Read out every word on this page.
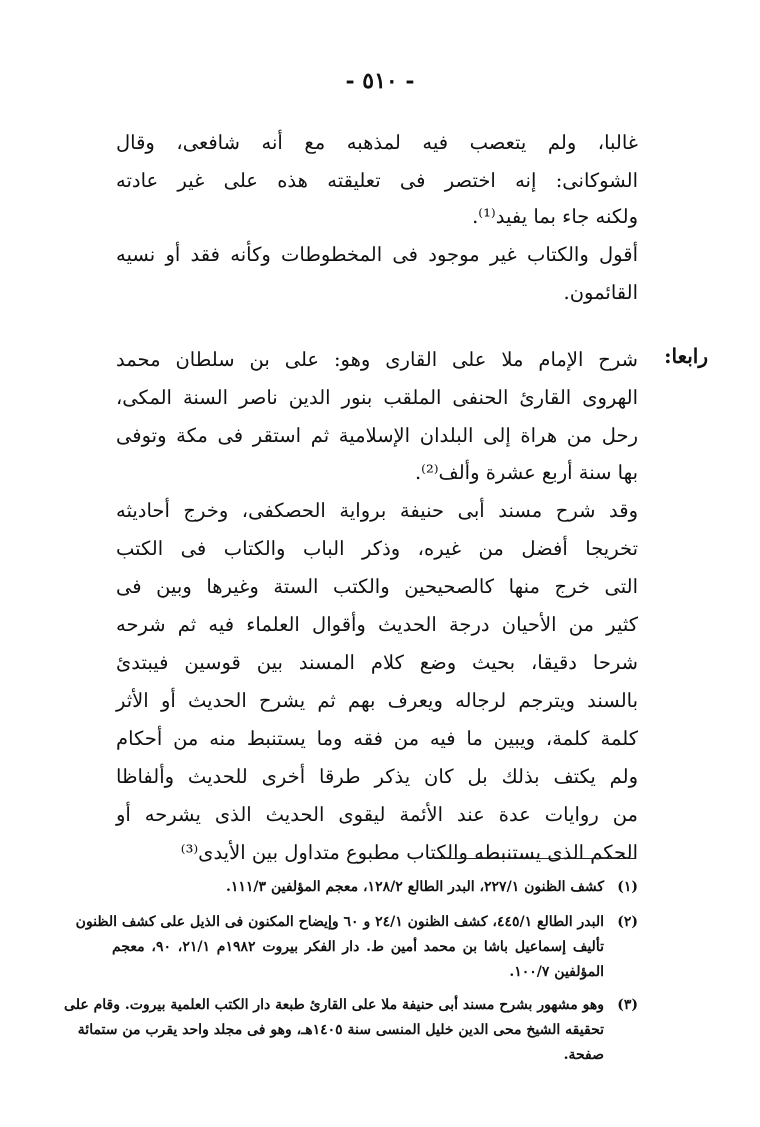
- ٥١٠ -
غالبا، ولم يتعصب فيه لمذهبه مع أنه شافعى، وقال
الشوكانى: إنه اختصر فى تعليقته هذه على غير عادته
ولكنه جاء بما يفيد⁽¹⁾.
أقول والكتاب غير موجود فى المخطوطات وكأنه فقد أو نسيه
القائمون.
رابعا:
شرح الإمام ملا على القارى وهو: على بن سلطان محمد
الهروى القارئ الحنفى الملقب بنور الدين ناصر السنة المكى،
رحل من هراة إلى البلدان الإسلامية ثم استقر فى مكة وتوفى
بها سنة أربع عشرة وألف⁽²⁾.
وقد شرح مسند أبى حنيفة برواية الحصكفى، وخرج أحاديثه
تخريجا أفضل من غيره، وذكر الباب والكتاب فى الكتب
التى خرج منها كالصحيحين والكتب الستة وغيرها وبين فى
كثير من الأحيان درجة الحديث وأقوال العلماء فيه ثم شرحه
شرحا دقيقا، بحيث وضع كلام المسند بين قوسين فيبتدئ
بالسند ويترجم لرجاله ويعرف بهم ثم يشرح الحديث أو الأثر
كلمة كلمة، ويبين ما فيه من فقه وما يستنبط منه من أحكام
ولم يكتف بذلك بل كان يذكر طرقا أخرى للحديث وألفاظا
من روايات عدة عند الأئمة ليقوى الحديث الذى يشرحه أو
الحكم الذى يستنبطه والكتاب مطبوع متداول بين الأيدى⁽³⁾
(١)
كشف الظنون ٢٢٧/١، البدر الطالع ١٢٨/٢، معجم المؤلفين ١١١/٣.
(٢)
البدر الطالع ٤٤٥/١، كشف الظنون ٢٤/١ و ٦٠ وإيضاح المكنون فى الذيل على كشف الظنون
تأليف إسماعيل باشا بن محمد أمين ط. دار الفكر بيروت ١٩٨٢م ٢١/١، ٩٠، معجم
المؤلفين ١٠٠/٧.
(٣)
وهو مشهور بشرح مسند أبى حنيفة ملا على القارئ طبعة دار الكتب العلمية بيروت. وقام على
تحقيقه الشيخ محى الدين خليل المنسى سنة ١٤٠٥هـ، وهو فى مجلد واحد يقرب من ستمائة
صفحة.
